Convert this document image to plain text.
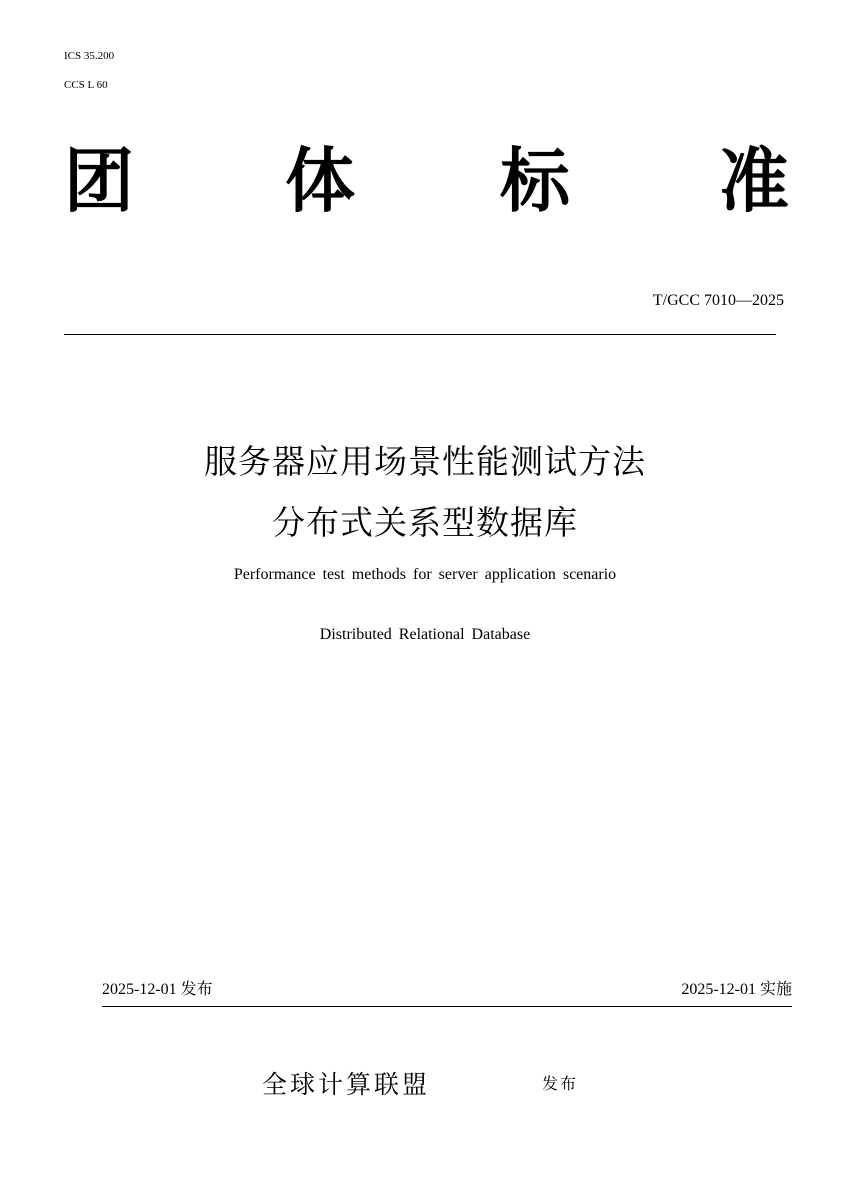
ICS 35.200
CCS L 60
团 体 标 准
T/GCC 7010—2025
服务器应用场景性能测试方法
分布式关系型数据库
Performance test methods for server application scenario
Distributed Relational Database
2025-12-01 发布	2025-12-01 实施
全球计算联盟	发布
